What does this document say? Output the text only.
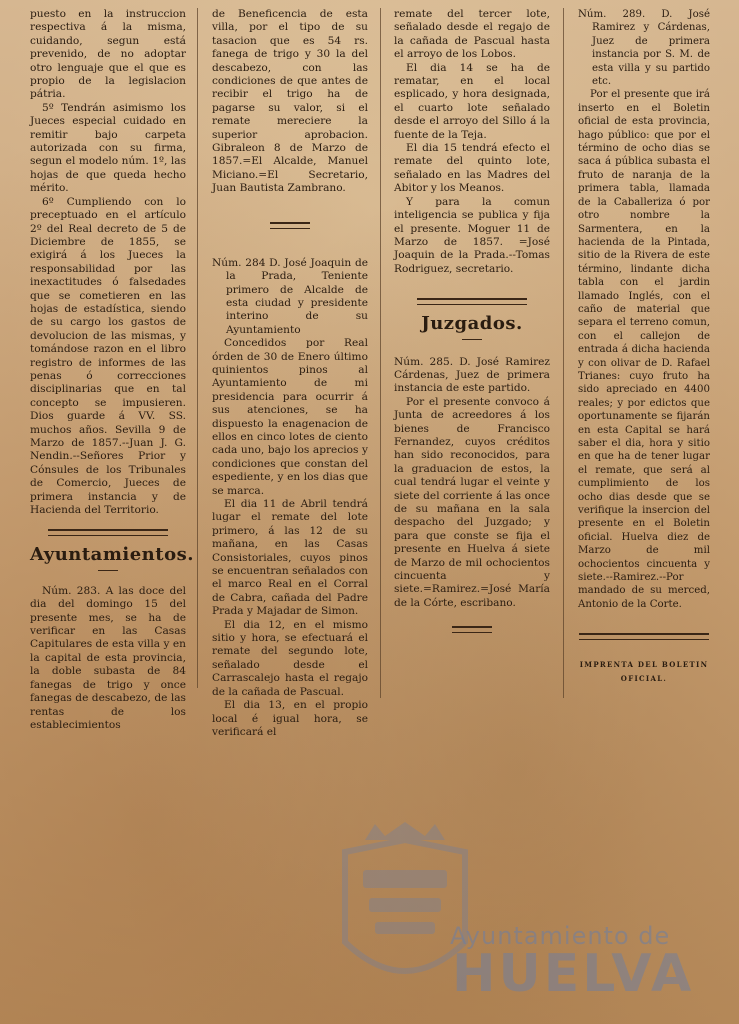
puesto en la instruccion respectiva á la misma, cuidando, segun está prevenido, de no adoptar otro lenguaje que el que es propio de la legislacion pátria.

5º Tendrán asimismo los Jueces especial cuidado en remitir bajo carpeta autorizada con su firma, segun el modelo núm. 1º, las hojas de que queda hecho mérito.

6º Cumpliendo con lo preceptuado en el artículo 2º del Real decreto de 5 de Diciembre de 1855, se exigirá á los Jueces la responsabilidad por las inexactitudes ó falsedades que se cometieren en las hojas de estadística, siendo de su cargo los gastos de devolucion de las mismas, y tomándose razon en el libro registro de informes de las penas ó correcciones disciplinarias que en tal concepto se impusieren. Dios guarde á VV. SS. muchos años. Sevilla 9 de Marzo de 1857.--Juan J. G. Nendin.--Señores Prior y Cónsules de los Tribunales de Comercio, Jueces de primera instancia y de Hacienda del Territorio.

Ayuntamientos.

Núm. 283. A las doce del dia del domingo 15 del presente mes, se ha de verificar en las Casas Capitulares de esta villa y en la capital de esta provincia, la doble subasta de 84 fanegas de trigo y once fanegas de descabezo, de las rentas de los establecimientos

de Beneficencia de esta villa, por el tipo de su tasacion que es 54 rs. fanega de trigo y 30 la del descabezo, con las condiciones de que antes de recibir el trigo ha de pagarse su valor, si el remate mereciere la superior aprobacion. Gibraleon 8 de Marzo de 1857.=El Alcalde, Manuel Miciano.=El Secretario, Juan Bautista Zambrano.

Núm. 284 D. José Joaquin de la Prada, Teniente primero de Alcalde de esta ciudad y presidente interino de su Ayuntamiento

Concedidos por Real órden de 30 de Enero último quinientos pinos al Ayuntamiento de mi presidencia para ocurrir á sus atenciones, se ha dispuesto la enagenacion de ellos en cinco lotes de ciento cada uno, bajo los aprecios y condiciones que constan del espediente, y en los dias que se marca.

El dia 11 de Abril tendrá lugar el remate del lote primero, á las 12 de su mañana, en las Casas Consistoriales, cuyos pinos se encuentran señalados con el marco Real en el Corral de Cabra, cañada del Padre Prada y Majadar de Simon.

El dia 12, en el mismo sitio y hora, se efectuará el remate del segundo lote, señalado desde el Carrascalejo hasta el regajo de la cañada de Pascual.

El dia 13, en el propio local é igual hora, se verificará el

remate del tercer lote, señalado desde el regajo de la cañada de Pascual hasta el arroyo de los Lobos.

El dia 14 se ha de rematar, en el local esplicado, y hora designada, el cuarto lote señalado desde el arroyo del Sillo á la fuente de la Teja.

El dia 15 tendrá efecto el remate del quinto lote, señalado en las Madres del Abitor y los Meanos.

Y para la comun inteligencia se publica y fija el presente. Moguer 11 de Marzo de 1857. =José Joaquin de la Prada.--Tomas Rodriguez, secretario.

Juzgados.

Núm. 285. D. José Ramirez Cárdenas, Juez de primera instancia de este partido.

Por el presente convoco á Junta de acreedores á los bienes de Francisco Fernandez, cuyos créditos han sido reconocidos, para la graduacion de estos, la cual tendrá lugar el veinte y siete del corriente á las once de su mañana en la sala despacho del Juzgado; y para que conste se fija el presente en Huelva á siete de Marzo de mil ochocientos cincuenta y siete.=Ramirez.=José María de la Córte, escribano.

Núm. 289. D. José Ramirez y Cárdenas, Juez de primera instancia por S. M. de esta villa y su partido etc.

Por el presente que irá inserto en el Boletin oficial de esta provincia, hago público: que por el término de ocho dias se saca á pública subasta el fruto de naranja de la primera tabla, llamada de la Caballeriza ó por otro nombre la Sarmentera, en la hacienda de la Pintada, sitio de la Rivera de este término, lindante dicha tabla con el jardin llamado Inglés, con el caño de material que separa el terreno comun, con el callejon de entrada á dicha hacienda y con olivar de D. Rafael Trianes: cuyo fruto ha sido apreciado en 4400 reales; y por edictos que oportunamente se fijarán en esta Capital se hará saber el dia, hora y sitio en que ha de tener lugar el remate, que será al cumplimiento de los ocho dias desde que se verifique la insercion del presente en el Boletin oficial. Huelva diez de Marzo de mil ochocientos cincuenta y siete.--Ramirez.--Por mandado de su merced, Antonio de la Corte.

IMPRENTA DEL BOLETIN OFICIAL.
Ayuntamiento de
HUELVA
